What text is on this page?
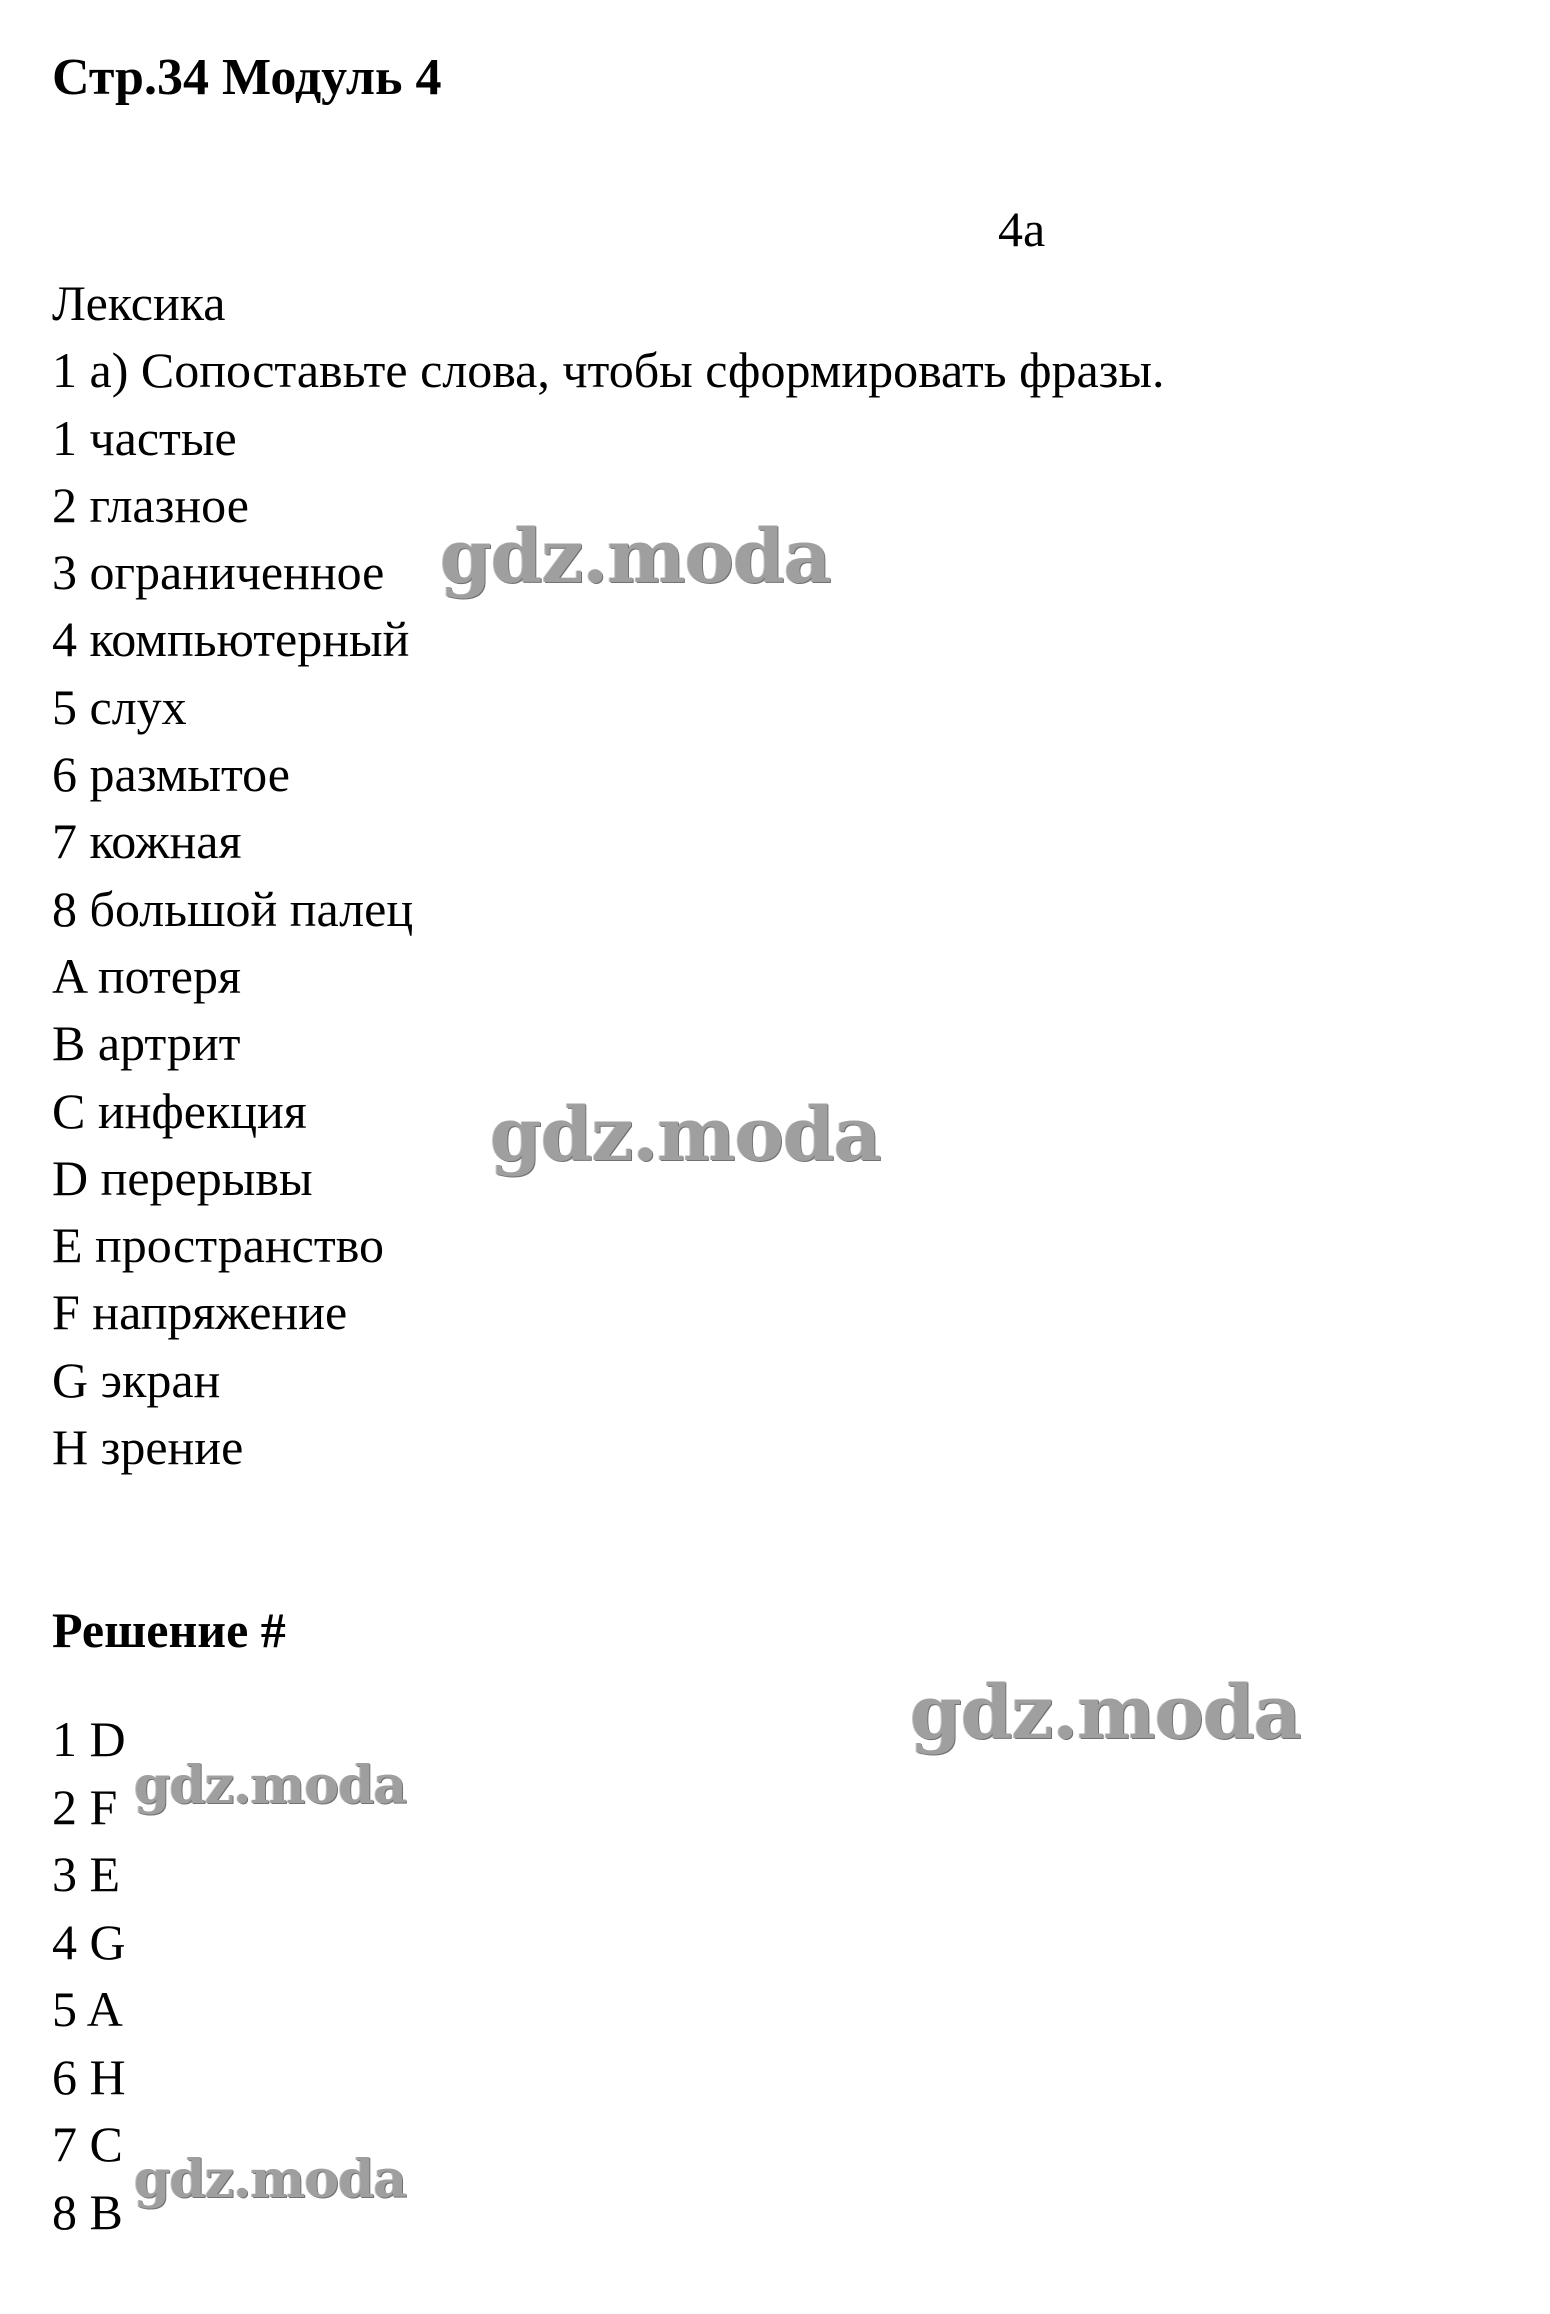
Стр.34 Модуль 4
4a
Лексика
1 а) Сопоставьте слова, чтобы сформировать фразы.
1 частые
2 глазное
3 ограниченное
4 компьютерный
5 слух
6 размытое
7 кожная
8 большой палец
A потеря
B артрит
C инфекция
D перерывы
E пространство
F напряжение
G экран
H зрение
Решение #
1 D
2 F
3 E
4 G
5 A
6 H
7 C
8 B
gdz.moda
gdz.moda
gdz.moda
gdz.moda
gdz.moda
